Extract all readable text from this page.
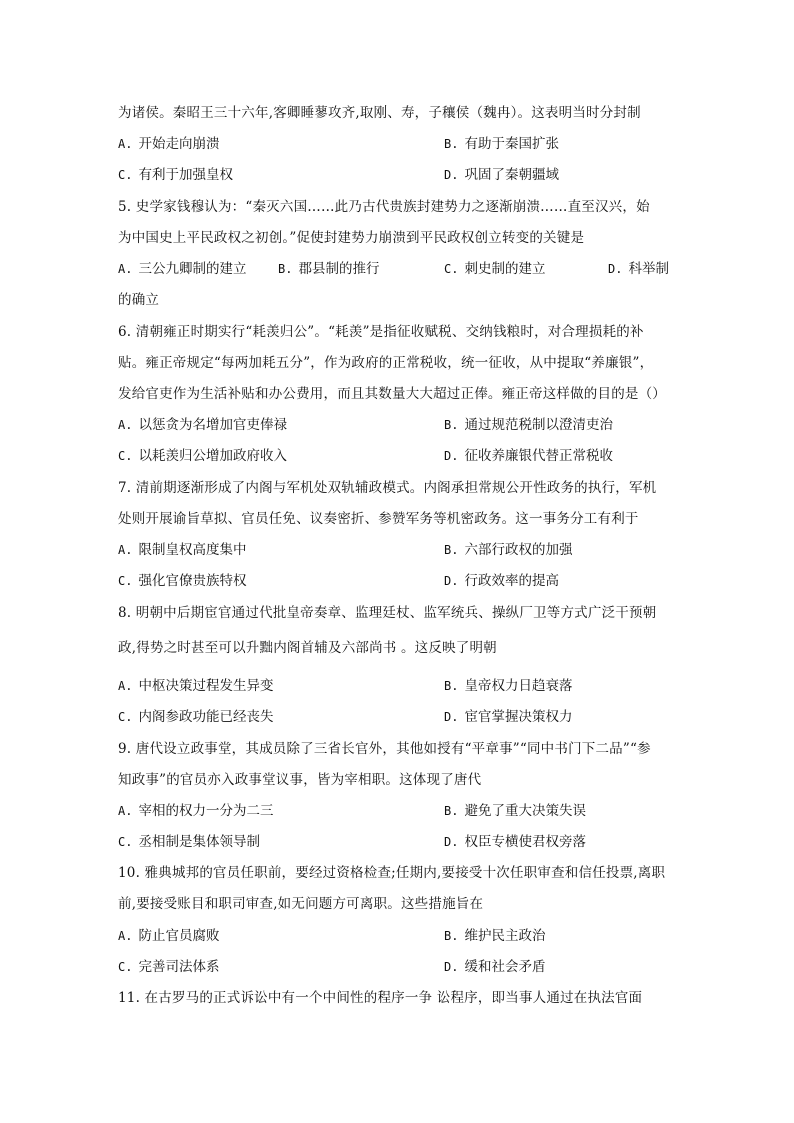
为诸侯。秦昭王三十六年,客卿睡蓼攻齐,取刚、寿，子穰侯（魏冉）。这表明当时分封制
A. 开始走向崩溃	B. 有助于秦国扩张
C. 有利于加强皇权	D. 巩固了秦朝疆域
5. 史学家钱穆认为：“秦灭六国……此乃古代贵族封建势力之逐渐崩溃……直至汉兴，始
为中国史上平民政权之初创。”促使封建势力崩溃到平民政权创立转变的关键是
A. 三公九卿制的建立	B. 郡县制的推行	C. 刺史制的建立	D. 科举制
的确立
6. 清朝雍正时期实行“耗羡归公”。“耗羡”是指征收赋税、交纳钱粮时，对合理损耗的补
贴。雍正帝规定“每两加耗五分”，作为政府的正常税收，统一征收，从中提取“养廉银”，
发给官吏作为生活补贴和办公费用，而且其数量大大超过正俸。雍正帝这样做的目的是（）
A. 以惩贪为名增加官吏俸禄	B. 通过规范税制以澄清吏治
C. 以耗羡归公增加政府收入	D. 征收养廉银代替正常税收
7. 清前期逐渐形成了内阁与军机处双轨辅政模式。内阁承担常规公开性政务的执行，军机
处则开展谕旨草拟、官员任免、议奏密折、参赞军务等机密政务。这一事务分工有利于
A. 限制皇权高度集中	B. 六部行政权的加强
C. 强化官僚贵族特权	D. 行政效率的提高
8. 明朝中后期宦官通过代批皇帝奏章、监理廷杖、监军统兵、操纵厂卫等方式广泛干预朝
政,得势之时甚至可以升黜内阁首辅及六部尚书 。这反映了明朝
A. 中枢决策过程发生异变	B. 皇帝权力日趋衰落
C. 内阁参政功能已经丧失	D. 宦官掌握决策权力
9. 唐代设立政事堂，其成员除了三省长官外，其他如授有“平章事”“同中书门下二品”“参
知政事”的官员亦入政事堂议事，皆为宰相职。这体现了唐代
A. 宰相的权力一分为二三	B. 避免了重大决策失误
C. 丞相制是集体领导制	D. 权臣专横使君权旁落
10. 雅典城邦的官员任职前，要经过资格检查;任期内,要接受十次任职审查和信任投票,离职
前,要接受账目和职司审查,如无问题方可离职。这些措施旨在
A. 防止官员腐败	B. 维护民主政治
C. 完善司法体系	D. 缓和社会矛盾
11. 在古罗马的正式诉讼中有一个中间性的程序一争 讼程序，即当事人通过在执法官面
